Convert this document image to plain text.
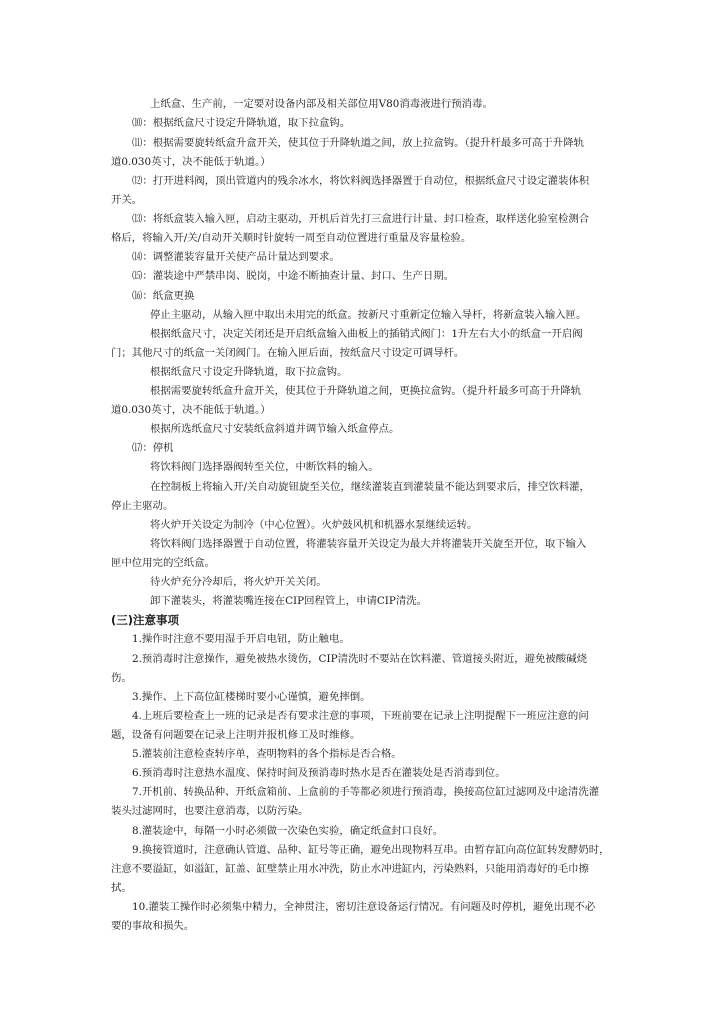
上纸盒、生产前，一定要对设备内部及相关部位用V80消毒液进行预消毒。

⑽：根据纸盒尺寸设定升降轨道，取下拉盒钩。

⑾：根据需要旋转纸盒升盒开关，使其位于升降轨道之间，放上拉盒钩。（提升杆最多可高于升降轨

道0.030英寸，决不能低于轨道。）

⑿：打开进料阀，顶出管道内的残余冰水，将饮料阀选择器置于自动位，根据纸盒尺寸设定灌装体积

开关。

⒀：将纸盒装入输入匣，启动主驱动，开机后首先打三盒进行计量、封口检查，取样送化验室检测合

格后，将输入开/关/自动开关顺时针旋转一周至自动位置进行重量及容量检验。

⒁：调整灌装容量开关使产品计量达到要求。

⒂：灌装途中严禁串岗、脱岗，中途不断抽查计量、封口、生产日期。

⒃：纸盒更换

停止主驱动，从输入匣中取出未用完的纸盒。按新尺寸重新定位输入导杆，将新盒装入输入匣。

根据纸盒尺寸，决定关闭还是开启纸盒输入曲板上的插销式阀门：1升左右大小的纸盒一开启阀

门；其他尺寸的纸盒一关闭阀门。在输入匣后面，按纸盒尺寸设定可调导杆。

根据纸盒尺寸设定升降轨道，取下拉盒钩。

根据需要旋转纸盒升盒开关，使其位于升降轨道之间，更换拉盒钩。（提升杆最多可高于升降轨

道0.030英寸，决不能低于轨道。）

根据所选纸盒尺寸安装纸盒斜道并调节输入纸盒停点。

⒄：停机

将饮料阀门选择器阀转至关位，中断饮料的输入。

在控制板上将输入开/关自动旋钮旋至关位，继续灌装直到灌装量不能达到要求后，排空饮料灌，

停止主驱动。

将火炉开关设定为制冷（中心位置）。火炉鼓风机和机器水泵继续运转。

将饮料阀门选择器置于自动位置，将灌装容量开关设定为最大并将灌装开关旋至开位，取下输入

匣中位用完的空纸盒。

待火炉充分冷却后，将火炉开关关闭。

卸下灌装头，将灌装嘴连接在CIP回程管上，申请CIP清洗。

(三)注意事项

1.操作时注意不要用湿手开启电钮，防止触电。

2.预消毒时注意操作，避免被热水烫伤，CIP清洗时不要站在饮料灌、管道接头附近，避免被酸碱烧

伤。

3.操作、上下高位缸楼梯时要小心谨慎，避免摔倒。

4.上班后要检查上一班的记录是否有要求注意的事项，下班前要在记录上注明提醒下一班应注意的问

题，设备有问题要在记录上注明并报机修工及时维修。

5.灌装前注意检查转序单，查明物料的各个指标是否合格。

6.预消毒时注意热水温度、保持时间及预消毒时热水是否在灌装处是否消毒到位。

7.开机前、转换品种、开纸盒箱前、上盒前的手等都必须进行预消毒，换接高位缸过滤网及中途清洗灌

装头过滤网时，也要注意消毒，以防污染。

8.灌装途中，每隔一小时必须做一次染色实验，确定纸盒封口良好。

9.换接管道时，注意确认管道、品种、缸号等正确，避免出现物料互串。由暂存缸向高位缸转发酵奶时，

注意不要溢缸，如溢缸，缸盖、缸壁禁止用水冲洗，防止水冲进缸内，污染熟料，只能用消毒好的毛巾擦

拭。

10.灌装工操作时必须集中精力，全神贯注，密切注意设备运行情况。有问题及时停机，避免出现不必

要的事故和损失。
